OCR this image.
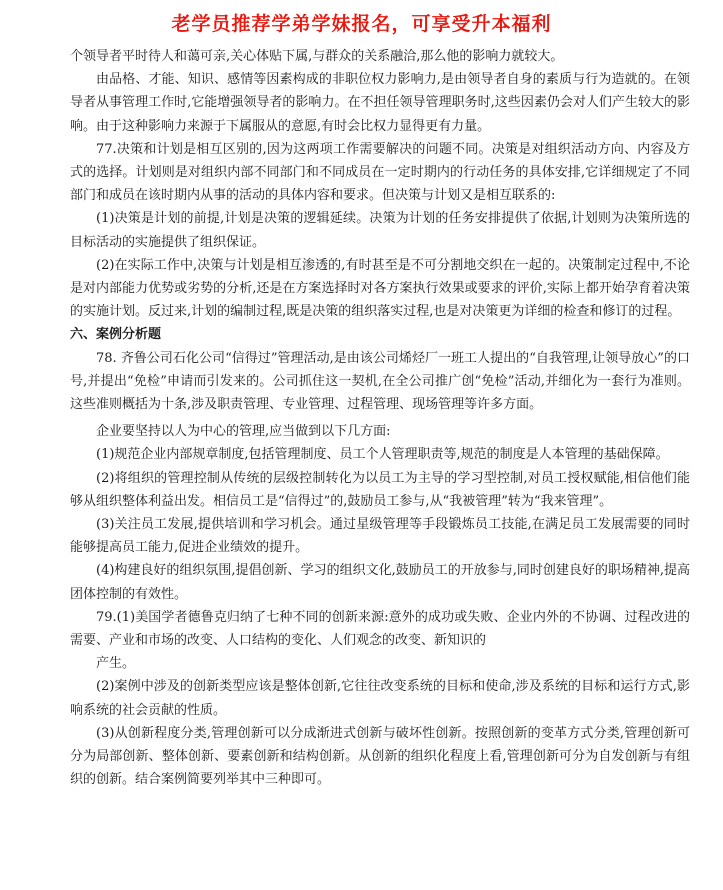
老学员推荐学弟学妹报名，可享受升本福利

个领导者平时待人和蔼可亲,关心体贴下属,与群众的关系融洽,那么他的影响力就较大。

由品格、才能、知识、感情等因素构成的非职位权力影响力,是由领导者自身的素质与行为造就的。在领导者从事管理工作时,它能增强领导者的影响力。在不担任领导管理职务时,这些因素仍会对人们产生较大的影响。由于这种影响力来源于下属服从的意愿,有时会比权力显得更有力量。

77.决策和计划是相互区别的,因为这两项工作需要解决的问题不同。决策是对组织活动方向、内容及方式的选择。计划则是对组织内部不同部门和不同成员在一定时期内的行动任务的具体安排,它详细规定了不同部门和成员在该时期内从事的活动的具体内容和要求。但决策与计划又是相互联系的:

(1)决策是计划的前提,计划是决策的逻辑延续。决策为计划的任务安排提供了依据,计划则为决策所选的目标活动的实施提供了组织保证。

(2)在实际工作中,决策与计划是相互渗透的,有时甚至是不可分割地交织在一起的。决策制定过程中,不论是对内部能力优势或劣势的分析,还是在方案选择时对各方案执行效果或要求的评价,实际上都开始孕育着决策的实施计划。反过来,计划的编制过程,既是决策的组织落实过程,也是对决策更为详细的检查和修订的过程。

六、案例分析题

78. 齐鲁公司石化公司“信得过”管理活动,是由该公司烯烃厂一班工人提出的“自我管理,让领导放心”的口号,并提出“免检”申请而引发来的。公司抓住这一契机,在全公司推广创“免检”活动,并细化为一套行为准则。这些准则概括为十条,涉及职责管理、专业管理、过程管理、现场管理等许多方面。

企业要坚持以人为中心的管理,应当做到以下几方面:

(1)规范企业内部规章制度,包括管理制度、员工个人管理职责等,规范的制度是人本管理的基础保障。

(2)将组织的管理控制从传统的层级控制转化为以员工为主导的学习型控制,对员工授权赋能,相信他们能够从组织整体利益出发。相信员工是“信得过”的,鼓励员工参与,从“我被管理”转为“我来管理”。

(3)关注员工发展,提供培训和学习机会。通过星级管理等手段锻炼员工技能,在满足员工发展需要的同时能够提高员工能力,促进企业绩效的提升。

(4)构建良好的组织氛围,提倡创新、学习的组织文化,鼓励员工的开放参与,同时创建良好的职场精神,提高团体控制的有效性。

79.(1)美国学者德鲁克归纳了七种不同的创新来源:意外的成功或失败、企业内外的不协调、过程改进的需要、产业和市场的改变、人口结构的变化、人们观念的改变、新知识的

产生。

(2)案例中涉及的创新类型应该是整体创新,它往往改变系统的目标和使命,涉及系统的目标和运行方式,影响系统的社会贡献的性质。

(3)从创新程度分类,管理创新可以分成渐进式创新与破坏性创新。按照创新的变革方式分类,管理创新可分为局部创新、整体创新、要素创新和结构创新。从创新的组织化程度上看,管理创新可分为自发创新与有组织的创新。结合案例简要列举其中三种即可。
